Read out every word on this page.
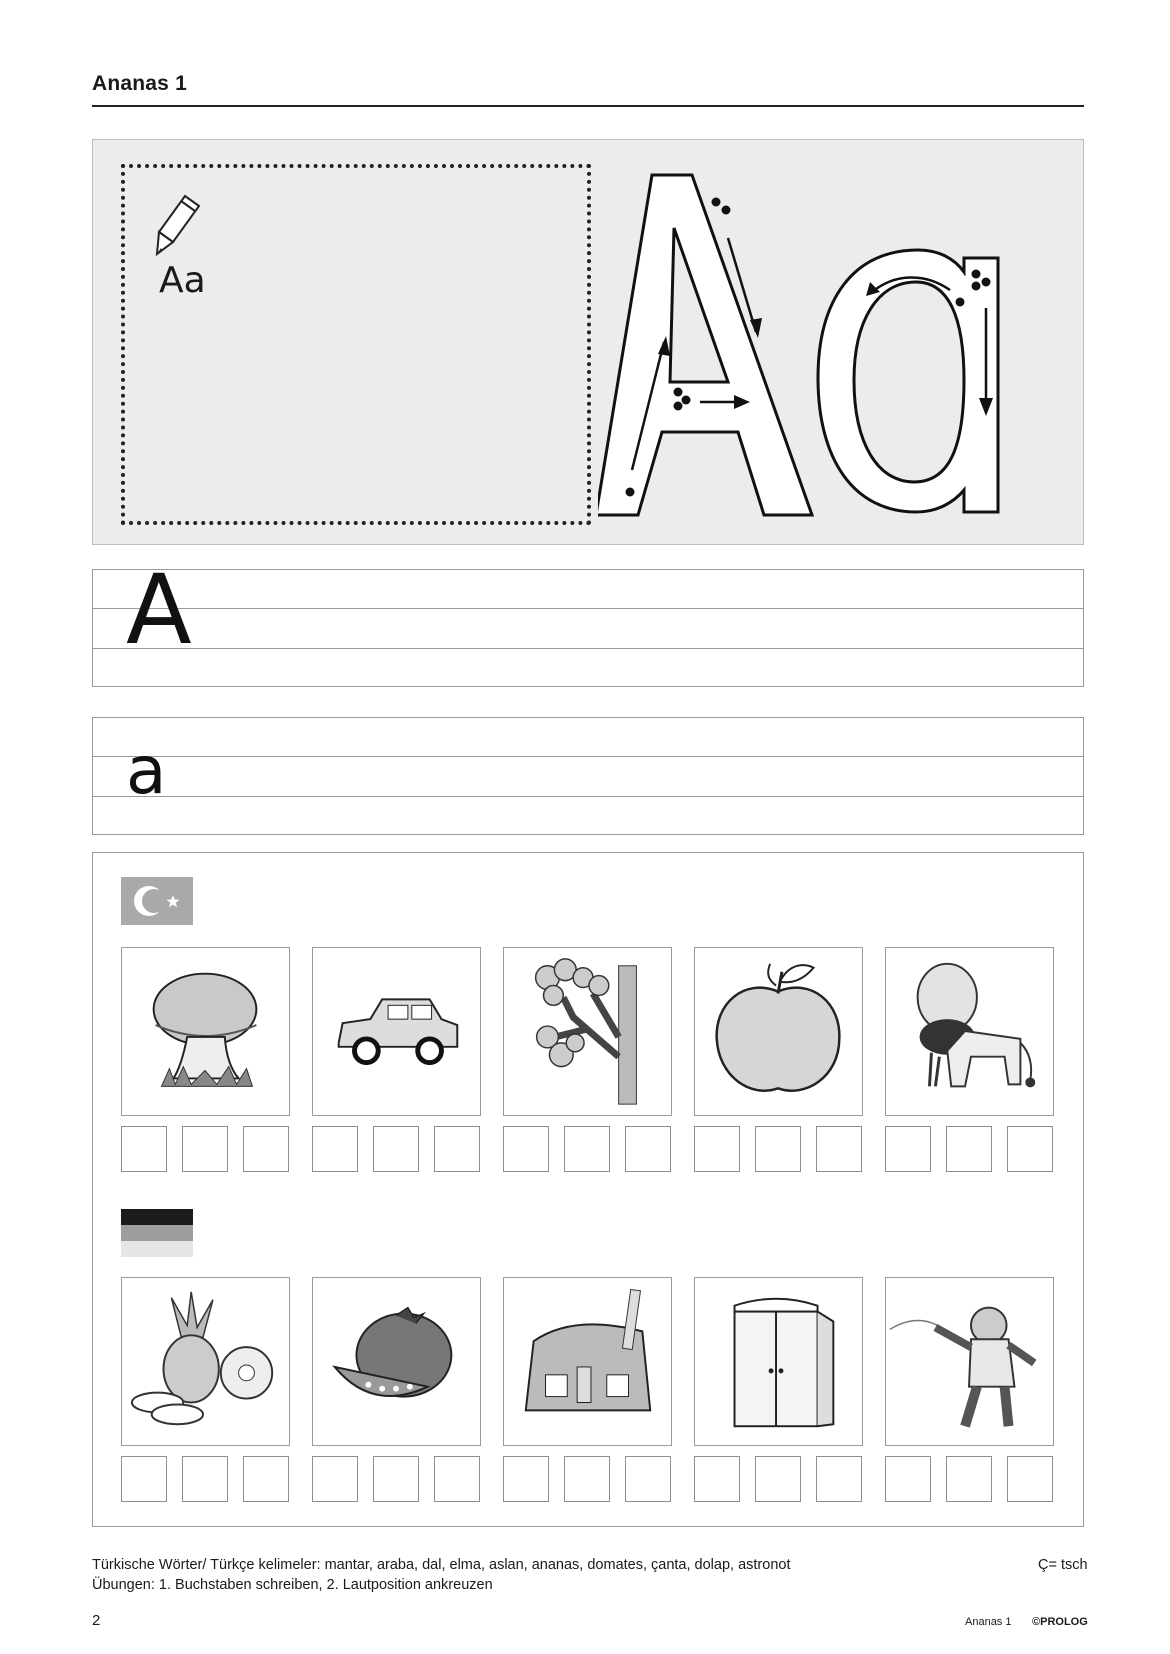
Ananas 1
Aa
A
a
Türkische Wörter/ Türkçe kelimeler: mantar, araba, dal, elma, aslan, ananas, domates, çanta, dolap, astronot
Übungen: 1. Buchstaben schreiben, 2. Lautposition ankreuzen
Ç= tsch
2	Ananas 1 ©PROLOG
